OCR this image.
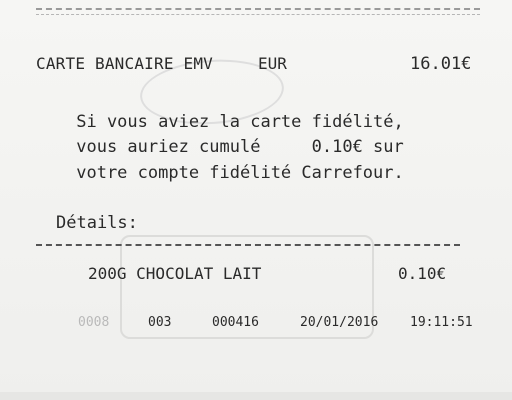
CARTE BANCAIRE EMV	EUR	16.01€
Si vous aviez la carte fidélité,
vous auriez cumulé     0.10€ sur
votre compte fidélité Carrefour.
Détails:
200G CHOCOLAT LAIT	0.10€
0008	003	000416	20/01/2016 19:11:51
